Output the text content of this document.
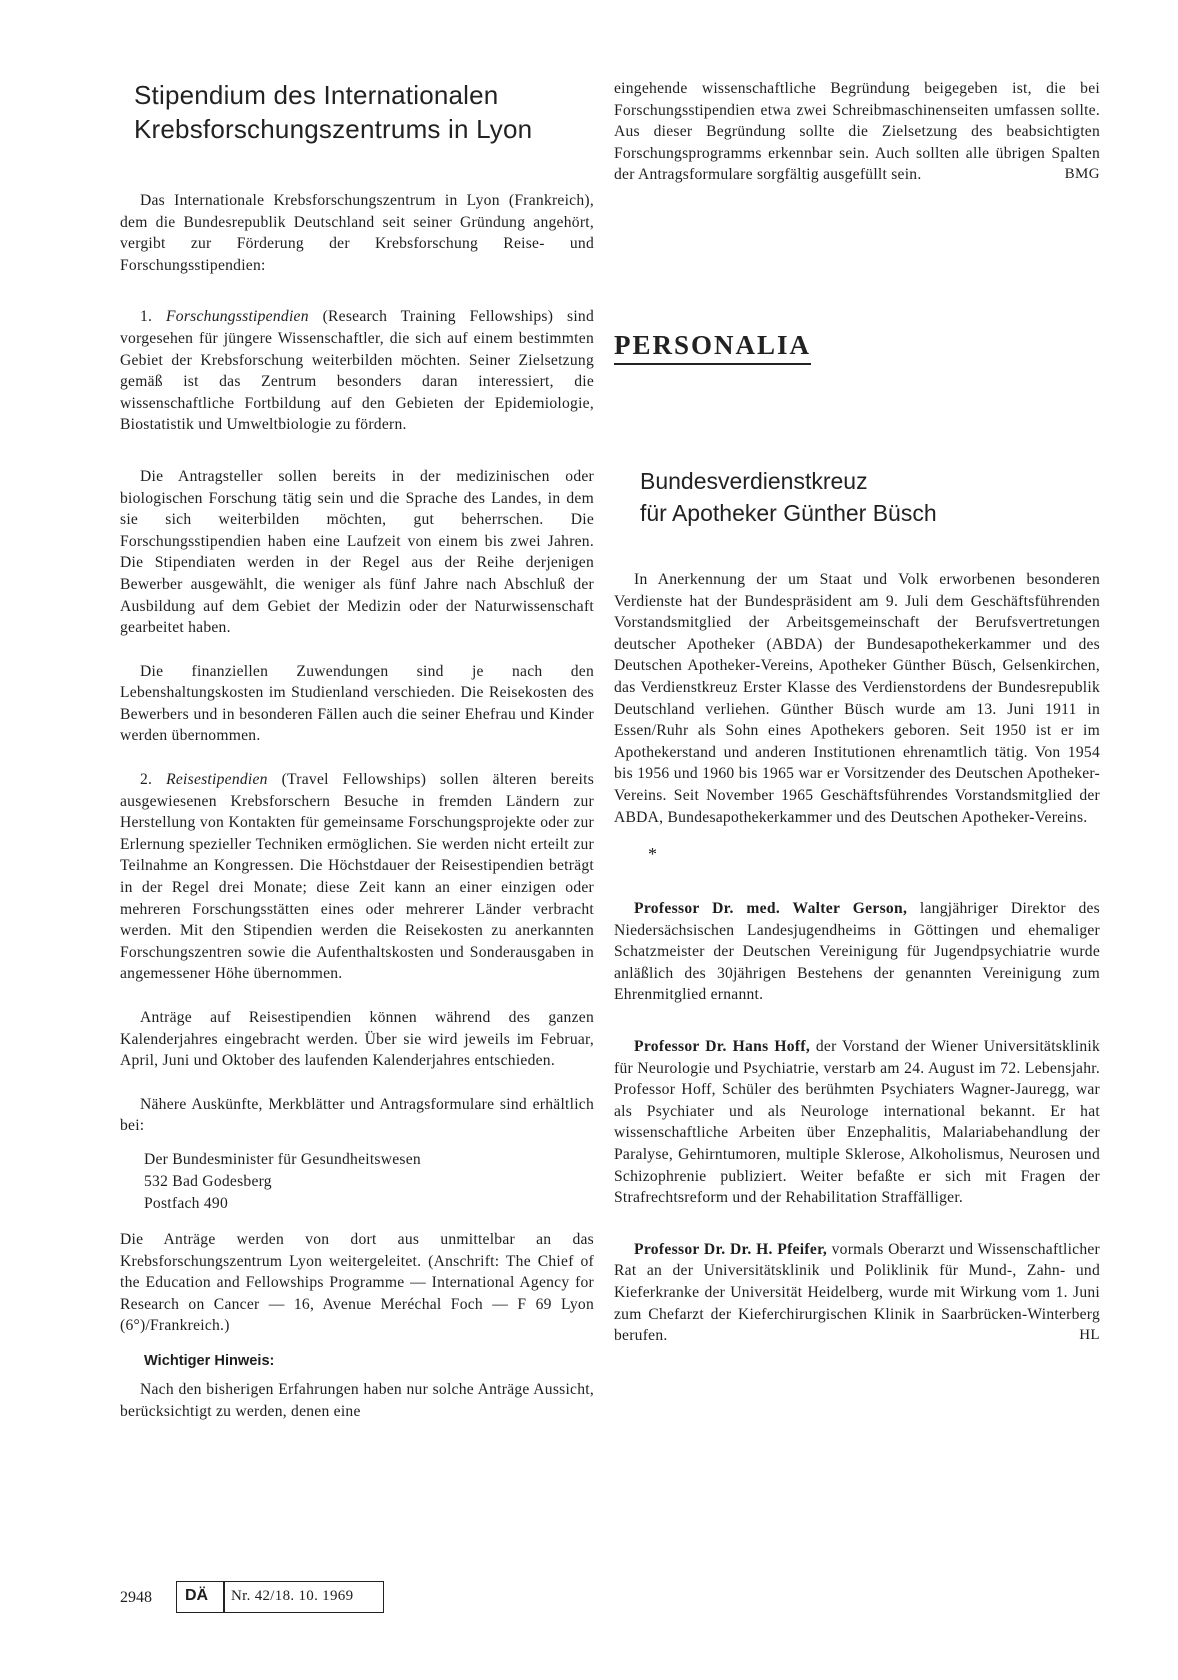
Stipendium des Internationalen
Krebsforschungszentrums in Lyon

Das Internationale Krebsforschungszentrum in Lyon (Frankreich), dem die Bundesrepublik Deutschland seit seiner Gründung angehört, vergibt zur Förderung der Krebsforschung Reise- und Forschungsstipendien:

1. Forschungsstipendien (Research Training Fellowships) sind vorgesehen für jüngere Wissenschaftler, die sich auf einem bestimmten Gebiet der Krebsforschung weiterbilden möchten. Seiner Zielsetzung gemäß ist das Zentrum besonders daran interessiert, die wissenschaftliche Fortbildung auf den Gebieten der Epidemiologie, Biostatistik und Umweltbiologie zu fördern.

Die Antragsteller sollen bereits in der medizinischen oder biologischen Forschung tätig sein und die Sprache des Landes, in dem sie sich weiterbilden möchten, gut beherrschen. Die Forschungsstipendien haben eine Laufzeit von einem bis zwei Jahren. Die Stipendiaten werden in der Regel aus der Reihe derjenigen Bewerber ausgewählt, die weniger als fünf Jahre nach Abschluß der Ausbildung auf dem Gebiet der Medizin oder der Naturwissenschaft gearbeitet haben.

Die finanziellen Zuwendungen sind je nach den Lebenshaltungskosten im Studienland verschieden. Die Reisekosten des Bewerbers und in besonderen Fällen auch die seiner Ehefrau und Kinder werden übernommen.

2. Reisestipendien (Travel Fellowships) sollen älteren bereits ausgewiesenen Krebsforschern Besuche in fremden Ländern zur Herstellung von Kontakten für gemeinsame Forschungsprojekte oder zur Erlernung spezieller Techniken ermöglichen. Sie werden nicht erteilt zur Teilnahme an Kongressen. Die Höchstdauer der Reisestipendien beträgt in der Regel drei Monate; diese Zeit kann an einer einzigen oder mehreren Forschungsstätten eines oder mehrerer Länder verbracht werden. Mit den Stipendien werden die Reisekosten zu anerkannten Forschungszentren sowie die Aufenthaltskosten und Sonderausgaben in angemessener Höhe übernommen.

Anträge auf Reisestipendien können während des ganzen Kalenderjahres eingebracht werden. Über sie wird jeweils im Februar, April, Juni und Oktober des laufenden Kalenderjahres entschieden.

Nähere Auskünfte, Merkblätter und Antragsformulare sind erhältlich bei:

Der Bundesminister für Gesundheitswesen
532 Bad Godesberg
Postfach 490

Die Anträge werden von dort aus unmittelbar an das Krebsforschungszentrum Lyon weitergeleitet. (Anschrift: The Chief of the Education and Fellowships Programme — International Agency for Research on Cancer — 16, Avenue Meréchal Foch — F 69 Lyon (6°)/Frankreich.)

Wichtiger Hinweis:

Nach den bisherigen Erfahrungen haben nur solche Anträge Aussicht, berücksichtigt zu werden, denen eine

eingehende wissenschaftliche Begründung beigegeben ist, die bei Forschungsstipendien etwa zwei Schreibmaschinenseiten umfassen sollte. Aus dieser Begründung sollte die Zielsetzung des beabsichtigten Forschungsprogramms erkennbar sein. Auch sollten alle übrigen Spalten der Antragsformulare sorgfältig ausgefüllt sein.	BMG

PERSONALIA
Bundesverdienstkreuz
für Apotheker Günther Büsch

In Anerkennung der um Staat und Volk erworbenen besonderen Verdienste hat der Bundespräsident am 9. Juli dem Geschäftsführenden Vorstandsmitglied der Arbeitsgemeinschaft der Berufsvertretungen deutscher Apotheker (ABDA) der Bundesapothekerkammer und des Deutschen Apotheker-Vereins, Apotheker Günther Büsch, Gelsenkirchen, das Verdienstkreuz Erster Klasse des Verdienstordens der Bundesrepublik Deutschland verliehen. Günther Büsch wurde am 13. Juni 1911 in Essen/Ruhr als Sohn eines Apothekers geboren. Seit 1950 ist er im Apothekerstand und anderen Institutionen ehrenamtlich tätig. Von 1954 bis 1956 und 1960 bis 1965 war er Vorsitzender des Deutschen Apotheker-Vereins. Seit November 1965 Geschäftsführendes Vorstandsmitglied der ABDA, Bundesapothekerkammer und des Deutschen Apotheker-Vereins.

*

Professor Dr. med. Walter Gerson, langjähriger Direktor des Niedersächsischen Landesjugendheims in Göttingen und ehemaliger Schatzmeister der Deutschen Vereinigung für Jugendpsychiatrie wurde anläßlich des 30jährigen Bestehens der genannten Vereinigung zum Ehrenmitglied ernannt.

Professor Dr. Hans Hoff, der Vorstand der Wiener Universitätsklinik für Neurologie und Psychiatrie, verstarb am 24. August im 72. Lebensjahr. Professor Hoff, Schüler des berühmten Psychiaters Wagner-Jauregg, war als Psychiater und als Neurologe international bekannt. Er hat wissenschaftliche Arbeiten über Enzephalitis, Malariabehandlung der Paralyse, Gehirntumoren, multiple Sklerose, Alkoholismus, Neurosen und Schizophrenie publiziert. Weiter befaßte er sich mit Fragen der Strafrechtsreform und der Rehabilitation Straffälliger.

Professor Dr. Dr. H. Pfeifer, vormals Oberarzt und Wissenschaftlicher Rat an der Universitätsklinik und Poliklinik für Mund-, Zahn- und Kieferkranke der Universität Heidelberg, wurde mit Wirkung vom 1. Juni zum Chefarzt der Kieferchirurgischen Klinik in Saarbrücken-Winterberg berufen.	HL

2948 DÄ Nr. 42/18. 10. 1969
